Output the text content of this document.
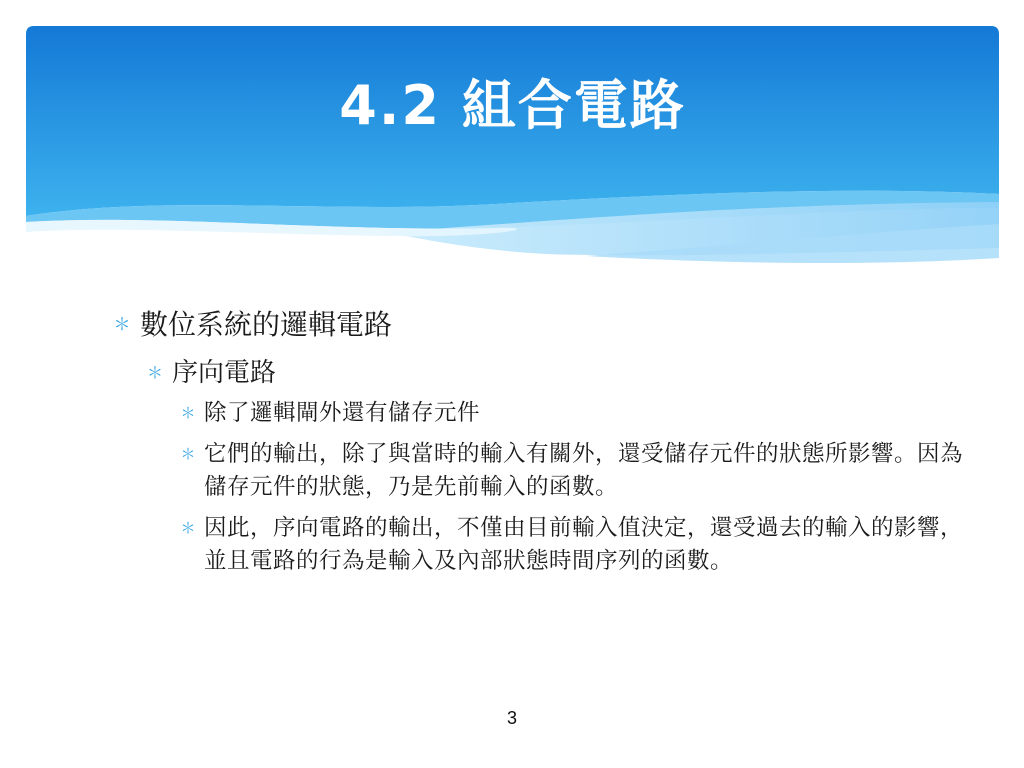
4.2 組合電路
＊ 數位系統的邏輯電路
＊ 序向電路
＊ 除了邏輯閘外還有儲存元件
＊ 它們的輸出，除了與當時的輸入有關外，還受儲存元件的狀態所影響。因為儲存元件的狀態，乃是先前輸入的函數。
＊ 因此，序向電路的輸出，不僅由目前輸入值決定，還受過去的輸入的影響，並且電路的行為是輸入及內部狀態時間序列的函數。
3
